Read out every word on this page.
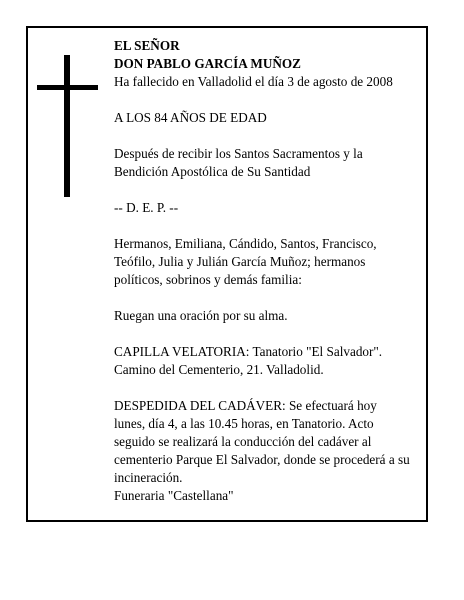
EL SEÑOR

DON PABLO GARCÍA MUÑOZ

Ha fallecido en Valladolid el día 3 de agosto de 2008

A LOS 84 AÑOS DE EDAD

Después de recibir los Santos Sacramentos y la

Bendición Apostólica de Su Santidad

-- D. E. P. --

Hermanos, Emiliana, Cándido, Santos, Francisco,

Teófilo, Julia y Julián García Muñoz; hermanos

políticos, sobrinos y demás familia:

Ruegan una oración por su alma.

CAPILLA VELATORIA: Tanatorio "El Salvador".

Camino del Cementerio, 21. Valladolid.

DESPEDIDA DEL CADÁVER: Se efectuará hoy

lunes, día 4, a las 10.45 horas, en Tanatorio. Acto

seguido se realizará la conducción del cadáver al

cementerio Parque El Salvador, donde se procederá a su

incineración.

Funeraria "Castellana"
